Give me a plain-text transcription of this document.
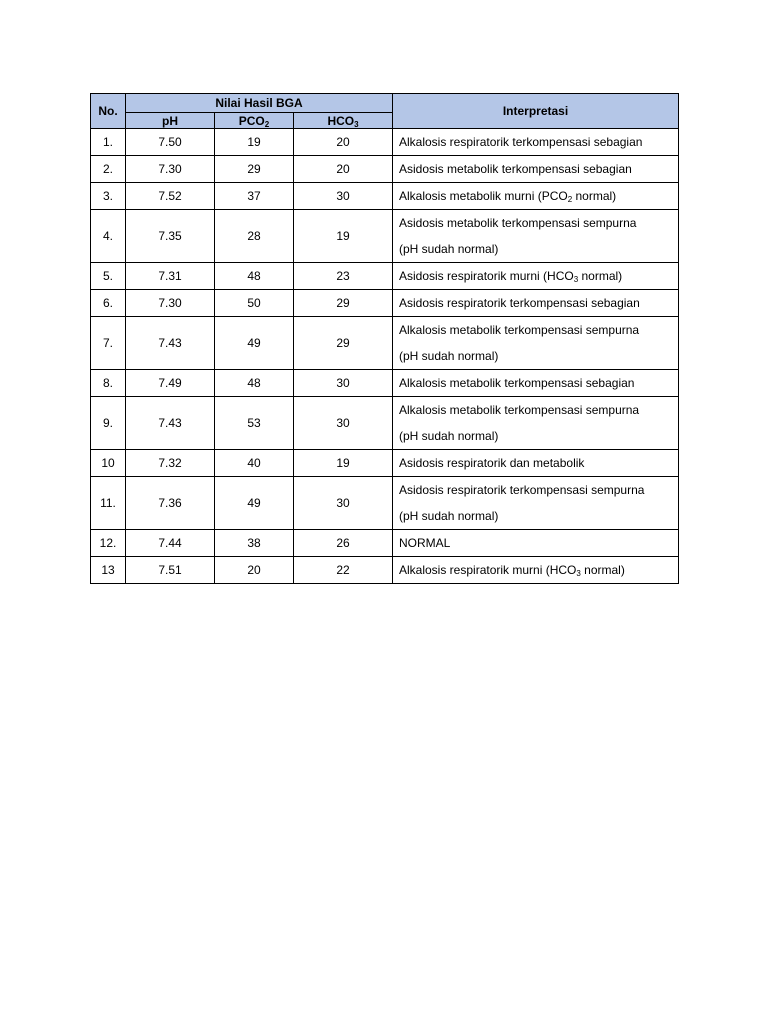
No.	Nilai Hasil BGA			Interpretasi
	pH	$PCO_2$	$HCO_3$
1.	7.50	19	20	Alkalosis respiratorik terkompensasi sebagian
2.	7.30	29	20	Asidosis metabolik terkompensasi sebagian
3.	7.52	37	30	Alkalosis metabolik murni ($PCO_2$ normal)
4.	7.35	28	19	Asidosis metabolik terkompensasi sempurna
(pH sudah normal)

5.	7.31	48	23	Asidosis respiratorik murni ($HCO_3$ normal)
6.	7.30	50	29	Asidosis respiratorik terkompensasi sebagian
7.	7.43	49	29	Alkalosis metabolik terkompensasi sempurna
(pH sudah normal)

8.	7.49	48	30	Alkalosis metabolik terkompensasi sebagian
9.	7.43	53	30	Alkalosis metabolik terkompensasi sempurna
(pH sudah normal)

10	7.32	40	19	Asidosis respiratorik dan metabolik
11.	7.36	49	30	Asidosis respiratorik terkompensasi sempurna
(pH sudah normal)

12.	7.44	38	26	NORMAL
13	7.51	20	22	Alkalosis respiratorik murni ($HCO_3$ normal)
